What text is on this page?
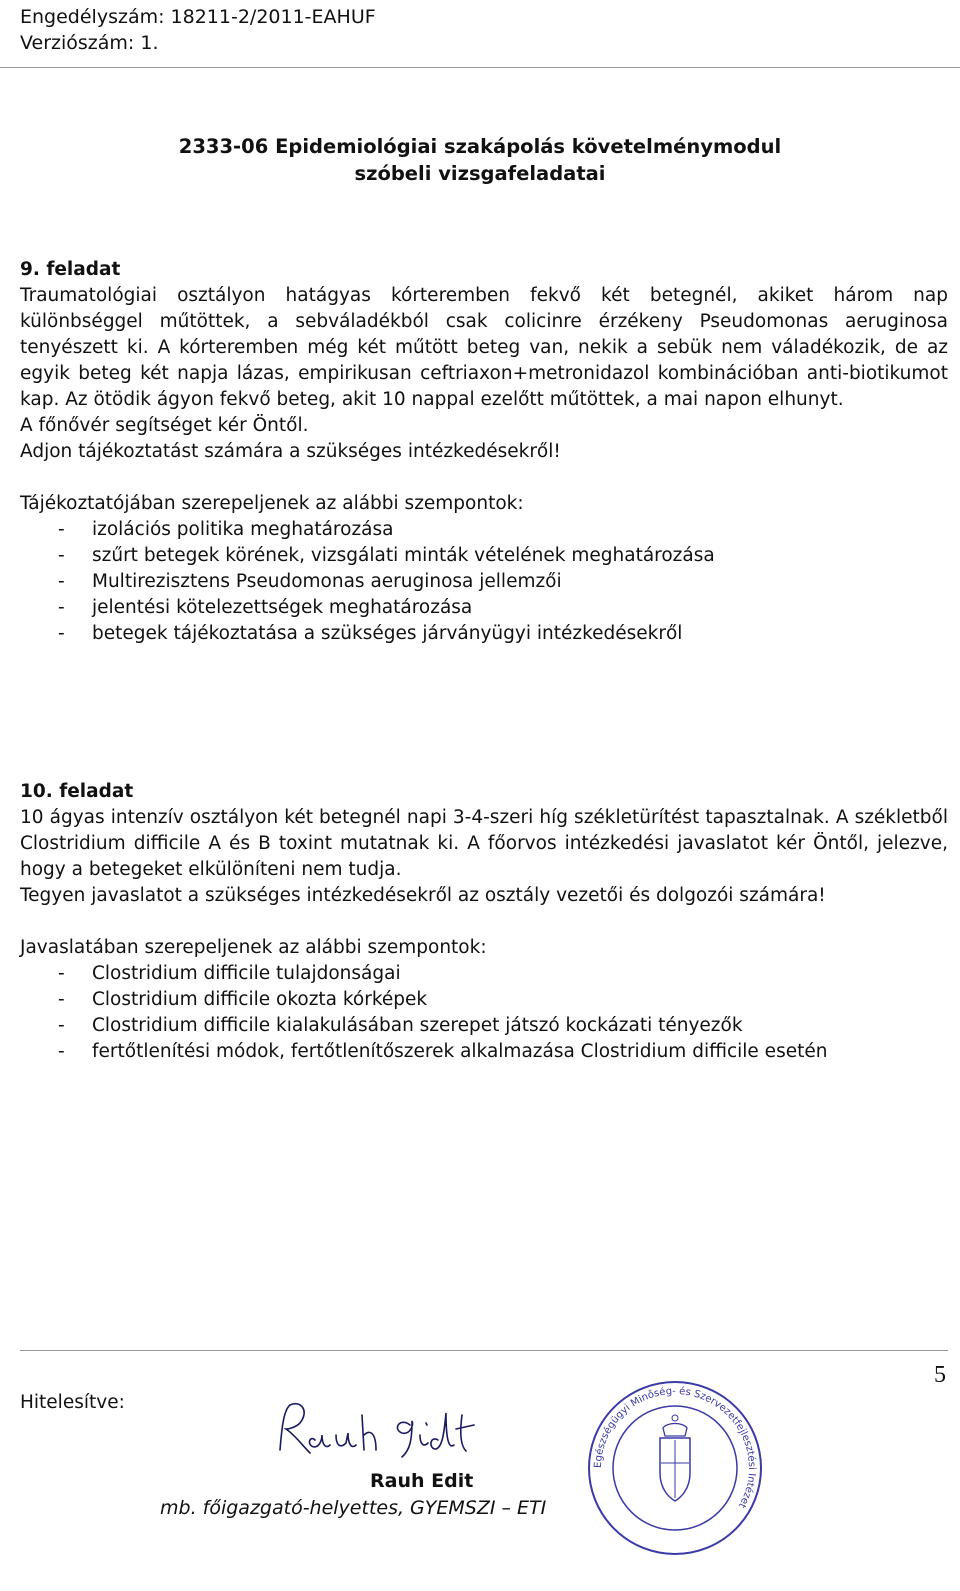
Engedélyszám: 18211-2/2011-EAHUF
Verziószám: 1.
2333-06 Epidemiológiai szakápolás követelménymodul
szóbeli vizsgafeladatai
9. feladat
Traumatológiai osztályon hatágyas kórteremben fekvő két betegnél, akiket három nap különbséggel műtöttek, a sebváladékból csak colicinre érzékeny Pseudomonas aeruginosa tenyészett ki. A kórteremben még két műtött beteg van, nekik a sebük nem váladékozik, de az egyik beteg két napja lázas, empirikusan ceftriaxon+metronidazol kombinációban anti-biotikumot kap. Az ötödik ágyon fekvő beteg, akit 10 nappal ezelőtt műtöttek, a mai napon elhunyt.
A főnővér segítséget kér Öntől.
Adjon tájékoztatást számára a szükséges intézkedésekről!
Tájékoztatójában szerepeljenek az alábbi szempontok:
- izolációs politika meghatározása
- szűrt betegek körének, vizsgálati minták vételének meghatározása
- Multirezisztens Pseudomonas aeruginosa jellemzői
- jelentési kötelezettségek meghatározása
- betegek tájékoztatása a szükséges járványügyi intézkedésekről
10. feladat
10 ágyas intenzív osztályon két betegnél napi 3-4-szeri híg székletürítést tapasztalnak. A székletből Clostridium difficile A és B toxint mutatnak ki. A főorvos intézkedési javaslatot kér Öntől, jelezve, hogy a betegeket elkülöníteni nem tudja.
Tegyen javaslatot a szükséges intézkedésekről az osztály vezetői és dolgozói számára!
Javaslatában szerepeljenek az alábbi szempontok:
- Clostridium difficile tulajdonságai
- Clostridium difficile okozta kórképek
- Clostridium difficile kialakulásában szerepet játszó kockázati tényezők
- fertőtlenítési módok, fertőtlenítőszerek alkalmazása Clostridium difficile esetén
5
Hitelesítve:
Rauh Edit
mb. főigazgató-helyettes, GYEMSZI – ETI
Egészségügyi Minőség- és Szervezetfejlesztési Intézet
